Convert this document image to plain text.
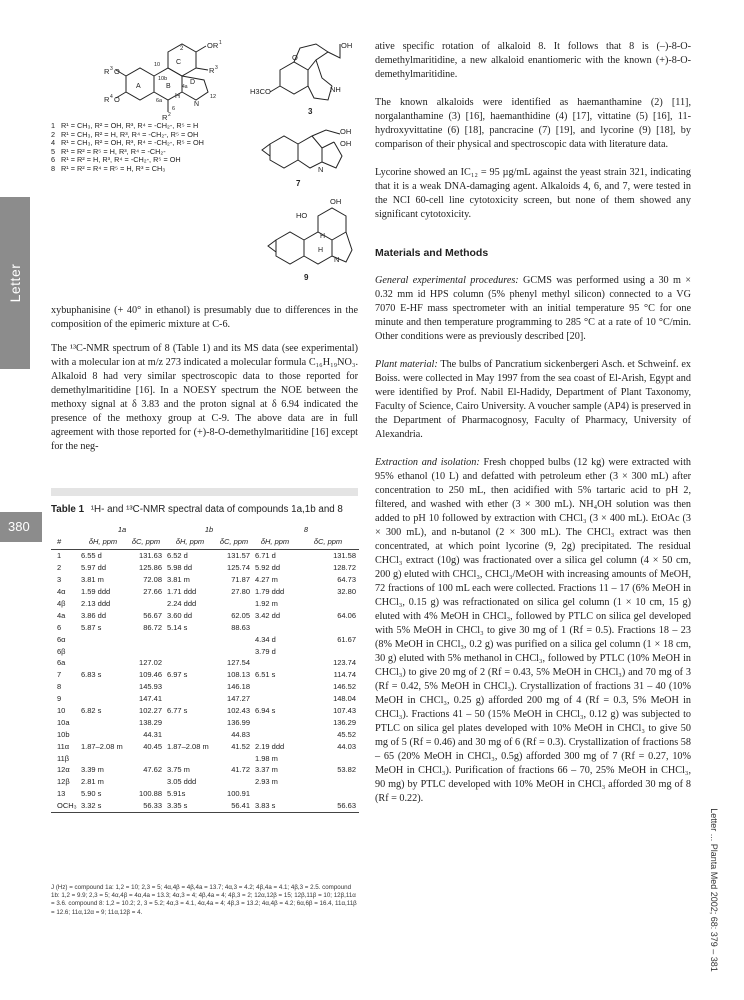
Letter
380
Letter ... Planta Med 2002; 68: 379 – 381
2	OR 1
R 3
10
10b
R 3 O
A	B
C
D
4a
H
N
12
6a
6
R 4 O
R 2
1 R¹ = CH₃, R² = OH, R³, R⁴ = -CH₂-, R⁵ = H
2 R¹ = CH₃, R² = H, R³, R⁴ = -CH₂-, R⁵ = OH
4 R¹ = CH₃, R² = OH, R³, R⁴ = -CH₂-, R⁵ = OH
5 R¹ = R² = R⁵ = H, R³, R⁴ = -CH₂-
6 R¹ = R² = H, R³, R⁴ = -CH₂-, R⁵ = OH
8 R¹ = R² = R⁴ = R⁵ = H, R³ = CH₃
OH
H3CO
O
NH
3
OH
OH
N
7
OH
HO
H
H
N
9

xybuphanisine (+ 40° in ethanol) is presumably due to differences in the composition of the epimeric mixture at C-6.

The ¹³C-NMR spectrum of 8 (Table 1) and its MS data (see experimental) with a molecular ion at m/z 273 indicated a molecular formula C₁₆H₁₉NO₃. Alkaloid 8 had very similar spectroscopic data to those reported for demethylmaritidine [16]. In a NOESY spectrum the NOE between the methoxy signal at δ 3.83 and the proton signal at δ 6.94 indicated the presence of the methoxy group at C-9. The above data are in full agreement with those reported for (+)-8-O-demethylmaritidine [16] except for the neg-

Table 1 ¹H- and ¹³C-NMR spectral data of compounds 1a,1b and 8
	1a		1b		8	
#	δH, ppm	δC, ppm	δH, ppm	δC, ppm	δH, ppm	δC, ppm
1	6.55 d	131.63	6.52 d	131.57	6.71 d	131.58
2	5.97 dd	125.86	5.98 dd	125.74	5.92 dd	128.72
3	3.81 m	72.08	3.81 m	71.87	4.27 m	64.73
4α	1.59 ddd	27.66	1.71 ddd	27.80	1.79 ddd	32.80
4β	2.13 ddd		2.24 ddd		1.92 m	
4a	3.86 dd	56.67	3.60 dd	62.05	3.42 dd	64.06
6	5.87 s	86.72	5.14 s	88.63		
6α					4.34 d	61.67
6β					3.79 d	
6a		127.02		127.54		123.74
7	6.83 s	109.46	6.97 s	108.13	6.51 s	114.74
8		145.93		146.18		146.52
9		147.41		147.27		148.04
10	6.82 s	102.27	6.77 s	102.43	6.94 s	107.43
10a		138.29		136.99		136.29
10b		44.31		44.83		45.52
11α	1.87–2.08 m	40.45	1.87–2.08 m	41.52	2.19 ddd	44.03
11β					1.98 m	
12α	3.39 m	47.62	3.75 m	41.72	3.37 m	53.82
12β	2.81 m		3.05 ddd		2.93 m	
13	5.90 s	100.88	5.91s	100.91		
OCH₃	3.32 s	56.33	3.35 s	56.41	3.83 s	56.63
J (Hz) = compound 1a: 1,2 = 10; 2,3 = 5; 4α,4β = 4β,4a = 13.7; 4α,3 = 4.2; 4β,4a = 4.1; 4β,3 = 2.5. compound 1b: 1,2 = 9.9; 2,3 = 5; 4α,4β = 4α,4a = 13.3; 4α,3 = 4; 4β,4a = 4; 4β,3 = 2; 12α,12β = 15; 12β,11β = 10; 12β,11α = 3.6. compound 8: 1,2 = 10.2; 2, 3 = 5.2; 4α,3 = 4.1, 4α,4a = 4; 4β,3 = 13.2; 4α,4β = 4.2; 6α,6β = 16.4, 11α,11β = 12.6; 11α,12α = 9; 11α,12β = 4.

ative specific rotation of alkaloid 8. It follows that 8 is (–)-8-O-demethylmaritidine, a new alkaloid enantiomeric with the known (+)-8-O-demethylmaritidine.

The known alkaloids were identified as haemanthamine (2) [11], norgalanthamine (3) [16], haemanthidine (4) [17], vittatine (5) [16], 11-hydroxyvittatine (6) [18], pancracine (7) [19], and lycorine (9) [18], by comparison of their physical and spectroscopic data with literature data.

Lycorine showed an IC₁₂ = 95 µg/mL against the yeast strain 321, indicating that it is a weak DNA-damaging agent. Alkaloids 4, 6, and 7, were tested in the NCI 60-cell line cytotoxicity screen, but none of them showed any significant cytotoxicity.

Materials and Methods

General experimental procedures: GCMS was performed using a 30 m × 0.32 mm id HPS column (5% phenyl methyl silicon) connected to a VG 7070 E-HF mass spectrometer with an initial temperature 95 °C for one minute and then temperature programming to 285 °C at a rate of 10 °C/min. Other conditions were as previously described [20].

Plant material: The bulbs of Pancratium sickenbergeri Asch. et Schweinf. ex Boiss. were collected in May 1997 from the sea coast of El-Arish, Egypt and were identified by Prof. Nabil El-Hadidy, Department of Plant Taxonomy, Faculty of Science, Cairo University. A voucher sample (AP4) is preserved in the Department of Pharmacognosy, Faculty of Pharmacy, University of Alexandria.

Extraction and isolation: Fresh chopped bulbs (12 kg) were extracted with 95% ethanol (10 L) and defatted with petroleum ether (3 × 300 mL) after concentration to 250 mL, then acidified with 5% tartaric acid to pH 2, filtered, and washed with ether (3 × 300 mL). NH₄OH solution was then added to pH 10 followed by extraction with CHCl₃ (3 × 400 mL). EtOAc (3 × 300 mL), and n-butanol (2 × 300 mL). The CHCl₃ extract was then concentrated, at which point lycorine (9, 2g) precipitated. The residual CHCl₃ extract (10g) was fractionated over a silica gel column (4 × 50 cm, 200 g) eluted with CHCl₃, CHCl₃/MeOH with increasing amounts of MeOH, 72 fractions of 100 mL each were collected. Fractions 11 – 17 (6% MeOH in CHCl₃, 0.15 g) was refractionated on silica gel column (1 × 10 cm, 15 g) eluted with 4% MeOH in CHCl₃, followed by PTLC on silica gel developed with 5% MeOH in CHCl₃ to give 30 mg of 1 (Rf = 0.5). Fractions 18 – 23 (8% MeOH in CHCl₃, 0.2 g) was purified on a silica gel column (1 × 18 cm, 30 g) eluted with 5% methanol in CHCl₃, followed by PTLC (10% MeOH in CHCl₃) to give 20 mg of 2 (Rf = 0.43, 5% MeOH in CHCl₃) and 70 mg of 3 (Rf = 0.42, 5% MeOH in CHCl₃). Crystallization of fractions 31 – 40 (10% MeOH in CHCl₃, 0.25 g) afforded 200 mg of 4 (Rf = 0.3, 5% MeOH in CHCl₃). Fractions 41 – 50 (15% MeOH in CHCl₃, 0.12 g) was subjected to PTLC on silica gel plates developed with 10% MeOH in CHCl₃ to give 50 mg of 5 (Rf = 0.46) and 30 mg of 6 (Rf = 0.3). Crystallization of fractions 58 – 65 (20% MeOH in CHCl₃, 0.5g) afforded 300 mg of 7 (Rf = 0.27, 10% MeOH in CHCl₃). Purification of fractions 66 – 70, 25% MeOH in CHCl₃, 90 mg) by PTLC developed with 10% MeOH in CHCl₃ afforded 30 mg of 8 (Rf = 0.22).
